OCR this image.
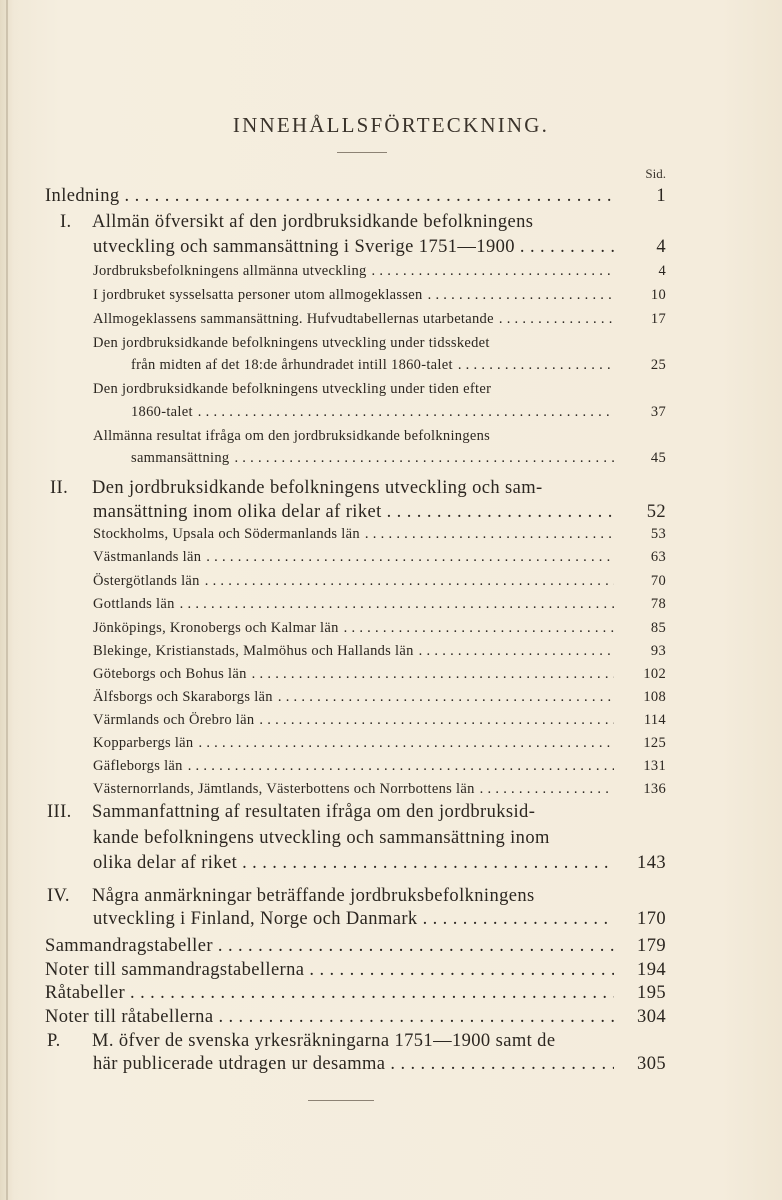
INNEHÅLLSFÖRTECKNING.
Sid.
Inledning . . .	1
I. Allmän öfversikt af den jordbruksidkande befolkningens
utveckling och sammansättning i Sverige 1751—1900 . . .	4
Jordbruksbefolkningens allmänna utveckling . . .	4
I jordbruket sysselsatta personer utom allmogeklassen . . .	10
Allmogeklassens sammansättning. Hufvudtabellernas utarbetande . . .	17
Den jordbruksidkande befolkningens utveckling under tidsskedet
från midten af det 18:de århundradet intill 1860-talet . . .	25
Den jordbruksidkande befolkningens utveckling under tiden efter
1860-talet . . .	37
Allmänna resultat ifråga om den jordbruksidkande befolkningens
sammansättning . . .	45
II. Den jordbruksidkande befolkningens utveckling och sam-
mansättning inom olika delar af riket . . .	52
Stockholms, Upsala och Södermanlands län . . .	53
Västmanlands län . . .	63
Östergötlands län . . .	70
Gottlands län . . .	78
Jönköpings, Kronobergs och Kalmar län . . .	85
Blekinge, Kristianstads, Malmöhus och Hallands län . . .	93
Göteborgs och Bohus län . . .	102
Älfsborgs och Skaraborgs län . . .	108
Värmlands och Örebro län . . .	114
Kopparbergs län . . .	125
Gäfleborgs län . . .	131
Västernorrlands, Jämtlands, Västerbottens och Norrbottens län . . .	136
III. Sammanfattning af resultaten ifråga om den jordbruksid-
kande befolkningens utveckling och sammansättning inom
olika delar af riket . . .	143
IV. Några anmärkningar beträffande jordbruksbefolkningens
utveckling i Finland, Norge och Danmark . . .	170
Sammandragstabeller . . .	179
Noter till sammandragstabellerna . . .	194
Råtabeller . . .	195
Noter till råtabellerna . . .	304
P. M. öfver de svenska yrkesräkningarna 1751—1900 samt de
här publicerade utdragen ur desamma . . .	305
